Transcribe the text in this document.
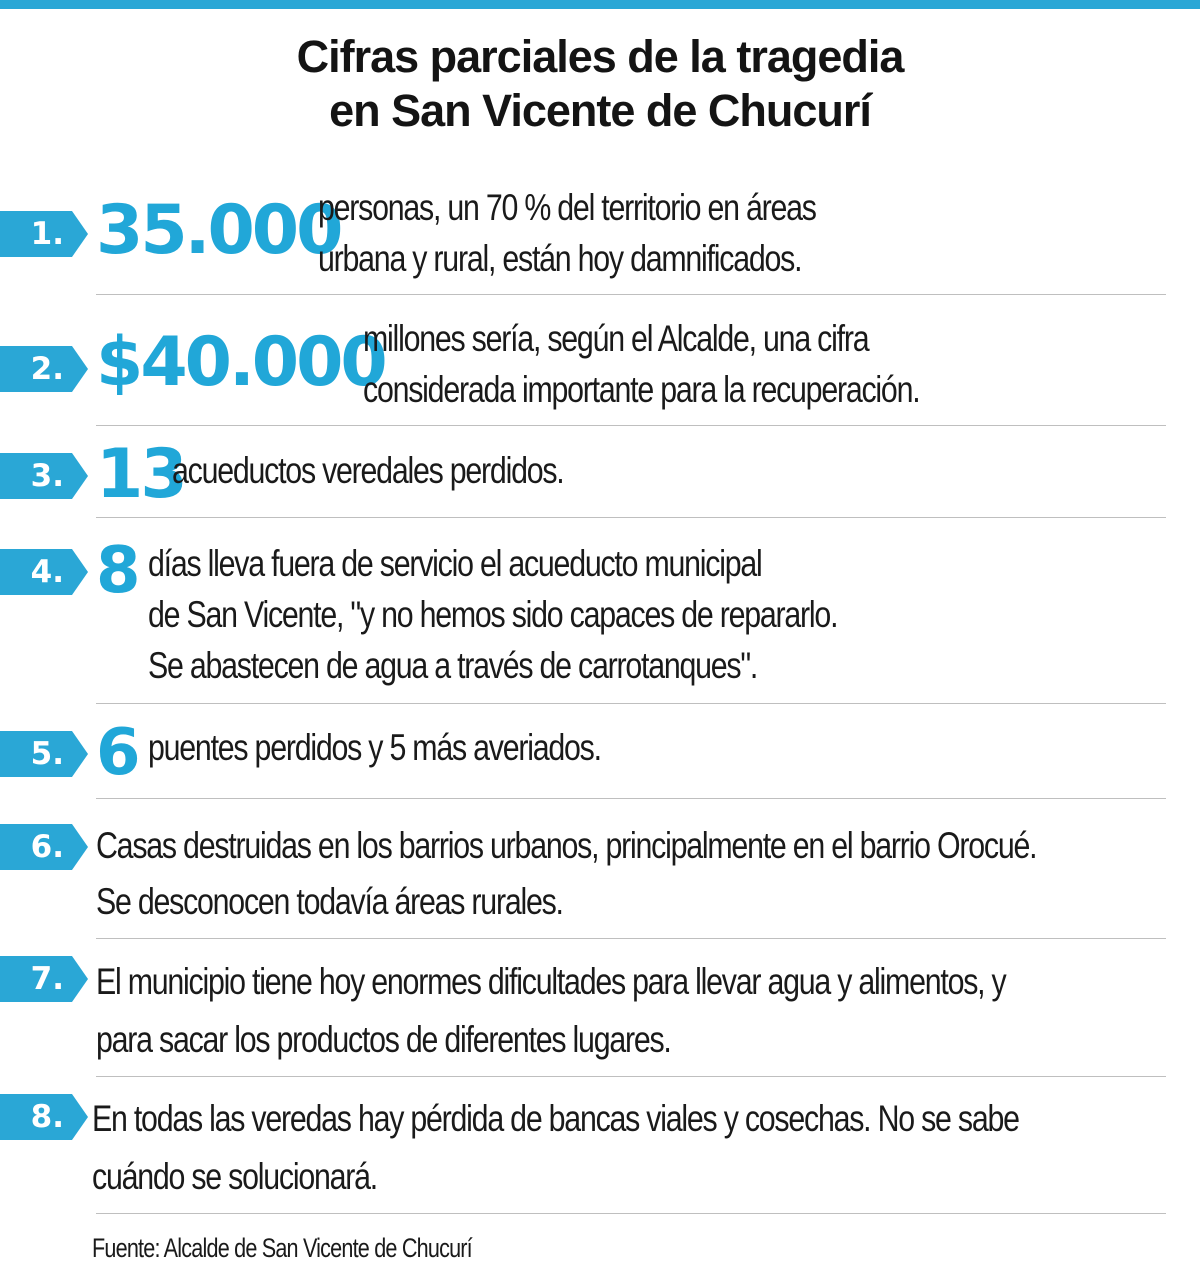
Cifras parciales de la tragedia
en San Vicente de Chucurí
1. 35.000
personas, un 70 % del territorio en áreas
urbana y rural, están hoy damnificados.
2. $40.000
millones sería, según el Alcalde, una cifra
considerada importante para la recuperación.
3. 13
acueductos veredales perdidos.
4. 8 días lleva fuera de servicio el acueducto municipal
de San Vicente, "y no hemos sido capaces de repararlo.
Se abastecen de agua a través de carrotanques".
5. 6 puentes perdidos y 5 más averiados.
6. Casas destruidas en los barrios urbanos, principalmente en el barrio Orocué.
Se desconocen todavía áreas rurales.
7. El municipio tiene hoy enormes dificultades para llevar agua y alimentos, y
para sacar los productos de diferentes lugares.
8. En todas las veredas hay pérdida de bancas viales y cosechas. No se sabe
cuándo se solucionará.
Fuente: Alcalde de San Vicente de Chucurí
